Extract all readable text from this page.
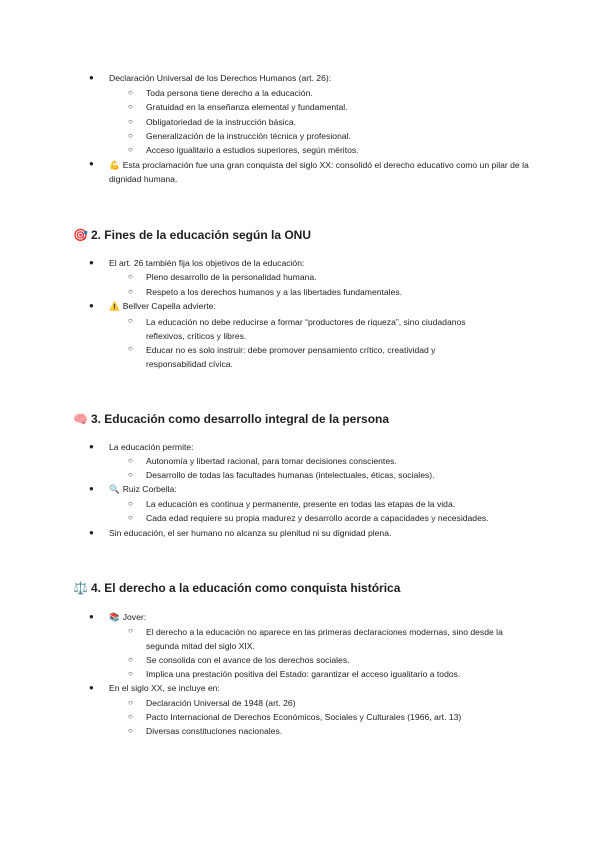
● Declaración Universal de los Derechos Humanos (art. 26):
○ Toda persona tiene derecho a la educación.
○ Gratuidad en la enseñanza elemental y fundamental.
○ Obligatoriedad de la instrucción básica.
○ Generalización de la instrucción técnica y profesional.
○ Acceso igualitario a estudios superiores, según méritos.
● 💪 Esta proclamación fue una gran conquista del siglo XX: consolidó el derecho educativo como un pilar de la dignidad humana.
🎯 2. Fines de la educación según la ONU
● El art. 26 también fija los objetivos de la educación:
○ Pleno desarrollo de la personalidad humana.
○ Respeto a los derechos humanos y a las libertades fundamentales.
● ⚠️ Bellver Capella advierte:
○ La educación no debe reducirse a formar “productores de riqueza”, sino ciudadanos reflexivos, críticos y libres.
○ Educar no es solo instruir: debe promover pensamiento crítico, creatividad y responsabilidad cívica.
🧠 3. Educación como desarrollo integral de la persona
● La educación permite:
○ Autonomía y libertad racional, para tomar decisiones conscientes.
○ Desarrollo de todas las facultades humanas (intelectuales, éticas, sociales).
● 🔍 Ruiz Corbella:
○ La educación es continua y permanente, presente en todas las etapas de la vida.
○ Cada edad requiere su propia madurez y desarrollo acorde a capacidades y necesidades.
● Sin educación, el ser humano no alcanza su plenitud ni su dignidad plena.
⚖️ 4. El derecho a la educación como conquista histórica
● 📚 Jover:
○ El derecho a la educación no aparece en las primeras declaraciones modernas, sino desde la segunda mitad del siglo XIX.
○ Se consolida con el avance de los derechos sociales.
○ Implica una prestación positiva del Estado: garantizar el acceso igualitario a todos.
● En el siglo XX, se incluye en:
○ Declaración Universal de 1948 (art. 26)
○ Pacto Internacional de Derechos Económicos, Sociales y Culturales (1966, art. 13)
○ Diversas constituciones nacionales.
